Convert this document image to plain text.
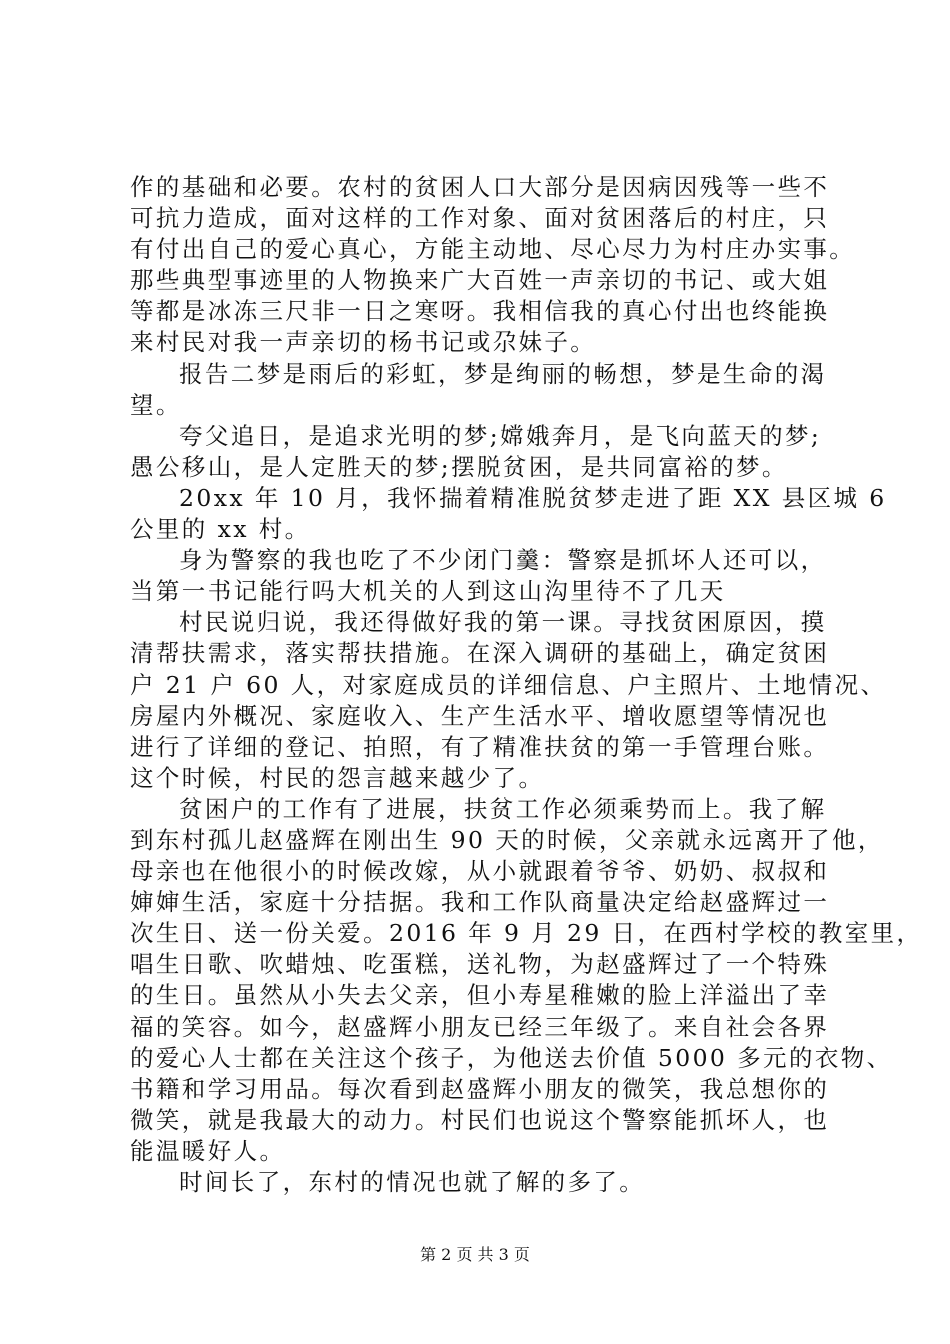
作的基础和必要。农村的贫困人口大部分是因病因残等一些不
可抗力造成，面对这样的工作对象、面对贫困落后的村庄，只
有付出自己的爱心真心，方能主动地、尽心尽力为村庄办实事。
那些典型事迹里的人物换来广大百姓一声亲切的书记、或大姐
等都是冰冻三尺非一日之寒呀。我相信我的真心付出也终能换
来村民对我一声亲切的杨书记或尕妹子。
报告二梦是雨后的彩虹，梦是绚丽的畅想，梦是生命的渴
望。
夸父追日，是追求光明的梦;嫦娥奔月，是飞向蓝天的梦;
愚公移山，是人定胜天的梦;摆脱贫困，是共同富裕的梦。
20xx 年 10 月，我怀揣着精准脱贫梦走进了距 XX 县区城 6
公里的 xx 村。
身为警察的我也吃了不少闭门羹：警察是抓坏人还可以，
当第一书记能行吗大机关的人到这山沟里待不了几天
村民说归说，我还得做好我的第一课。寻找贫困原因，摸
清帮扶需求，落实帮扶措施。在深入调研的基础上，确定贫困
户 21 户 60 人，对家庭成员的详细信息、户主照片、土地情况、
房屋内外概况、家庭收入、生产生活水平、增收愿望等情况也
进行了详细的登记、拍照，有了精准扶贫的第一手管理台账。
这个时候，村民的怨言越来越少了。
贫困户的工作有了进展，扶贫工作必须乘势而上。我了解
到东村孤儿赵盛辉在刚出生 90 天的时候，父亲就永远离开了他，
母亲也在他很小的时候改嫁，从小就跟着爷爷、奶奶、叔叔和
婶婶生活，家庭十分拮据。我和工作队商量决定给赵盛辉过一
次生日、送一份关爱。2016 年 9 月 29 日，在西村学校的教室里，
唱生日歌、吹蜡烛、吃蛋糕，送礼物，为赵盛辉过了一个特殊
的生日。虽然从小失去父亲，但小寿星稚嫩的脸上洋溢出了幸
福的笑容。如今，赵盛辉小朋友已经三年级了。来自社会各界
的爱心人士都在关注这个孩子，为他送去价值 5000 多元的衣物、
书籍和学习用品。每次看到赵盛辉小朋友的微笑，我总想你的
微笑，就是我最大的动力。村民们也说这个警察能抓坏人，也
能温暖好人。
时间长了，东村的情况也就了解的多了。
第 2 页 共 3 页
